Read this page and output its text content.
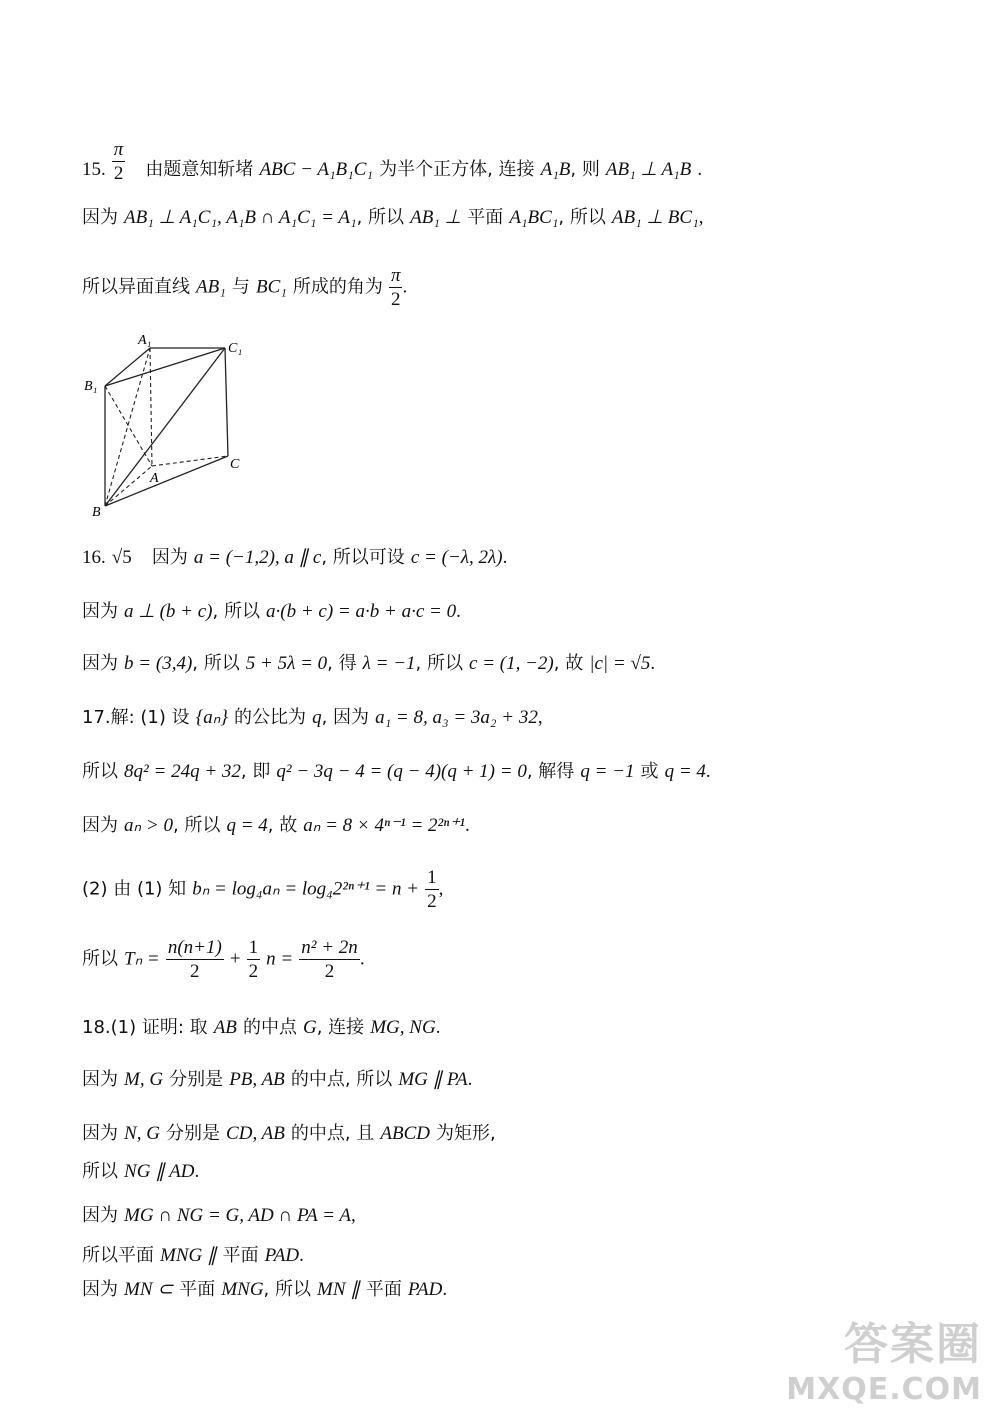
15. $\frac{\pi}{2}$ 由题意知斩堵 ABC − A₁B₁C₁ 为半个正方体, 连接 A₁B, 则 AB₁ ⊥ A₁B .
因为 AB₁ ⊥ A₁C₁, A₁B ∩ A₁C₁ = A₁, 所以 AB₁ ⊥ 平面 A₁BC₁, 所以 AB₁ ⊥ BC₁,
所以异面直线 AB₁ 与 BC₁ 所成的角为 $\frac{\pi}{2}$ .
A₁
C₁
B₁
C
A
B
16. √5 因为 a = (−1,2), a ∥ c, 所以可设 c = (−λ, 2λ).
因为 a ⊥ (b + c), 所以 a·(b + c) = a·b + a·c = 0.
因为 b = (3,4), 所以 5 + 5λ = 0, 得 λ = −1, 所以 c = (1, −2), 故 |c| = √5.
17.解: (1) 设 {aₙ} 的公比为 q, 因为 a₁ = 8, a₃ = 3a₂ + 32,
所以 8q² = 24q + 32, 即 q² − 3q − 4 = (q − 4)(q + 1) = 0, 解得 q = −1 或 q = 4.
因为 aₙ > 0, 所以 q = 4, 故 aₙ = 8 × 4ⁿ⁻¹ = 2²ⁿ⁺¹.
(2) 由 (1) 知 $b_n = \log_4a_n = \log_42^{2n+1} = n + \frac{1}{2}$ ,
所以 $T_n = \frac{n(n+1)}{2} + \frac{1}{2}$ $n = \frac{\text{n² + 2n}}{2}$ .
18.(1) 证明: 取 AB 的中点 G, 连接 MG, NG.
因为 M, G 分别是 PB, AB 的中点, 所以 MG ∥ PA.
因为 N, G 分别是 CD, AB 的中点, 且 ABCD 为矩形,
所以 NG ∥ AD.
因为 MG ∩ NG = G, AD ∩ PA = A,
所以平面 MNG ∥ 平面 PAD.
因为 MN ⊂ 平面 MNG, 所以 MN ∥ 平面 PAD.
答案圈
MXQE.COM
